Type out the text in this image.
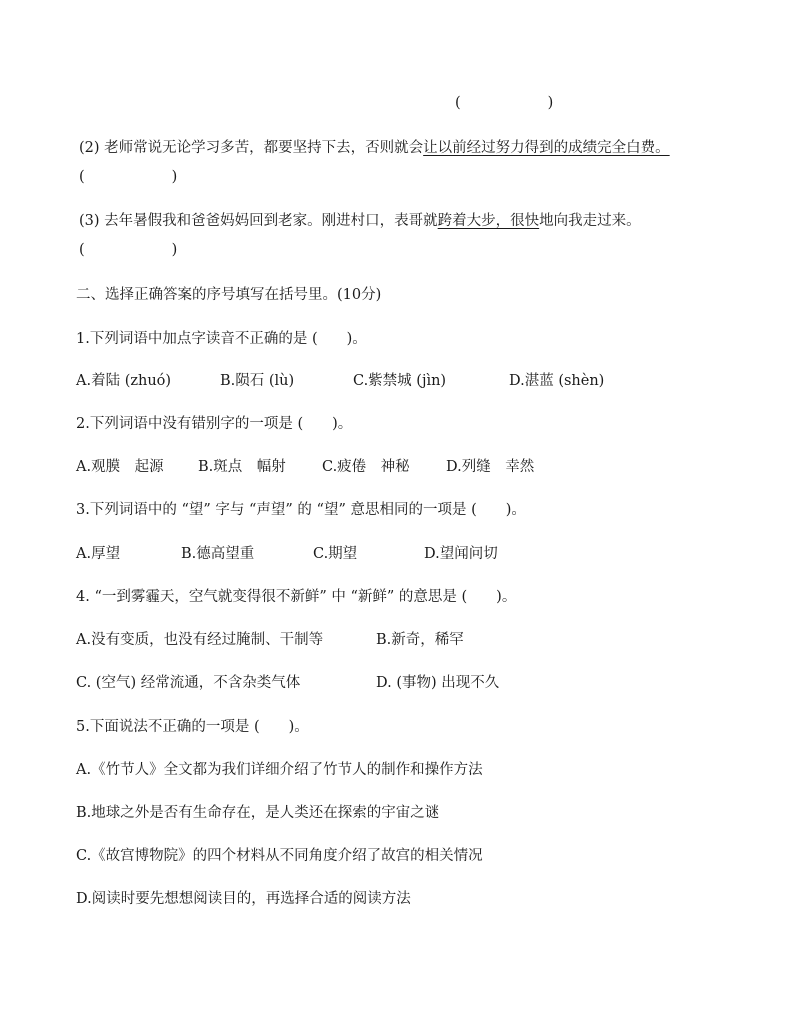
(　　　　　　)
(2) 老师常说无论学习多苦，都要坚持下去，否则就会让以前经过努力得到的成绩完全白费。
(　　　　　　)
(3) 去年暑假我和爸爸妈妈回到老家。刚进村口，表哥就跨着大步，很快地向我走过来。
(　　　　　　)
二、选择正确答案的序号填写在括号里。(10分)
1.下列词语中加点字读音不正确的是 (　　)。
A.着陆 (zhuó)	B.陨石 (lù)	C.紫禁城 (jìn)	D.湛蓝 (shèn)
2.下列词语中没有错别字的一项是 (　　)。
A.观膜　起源 B.斑点　幅射 C.疲倦　神秘	D.列缝　幸然
3.下列词语中的 “望” 字与 “声望” 的 “望” 意思相同的一项是 (　　)。
A.厚望	B.德高望重	C.期望	D.望闻问切
4. “一到雾霾天，空气就变得很不新鲜” 中 “新鲜” 的意思是 (　　)。
A.没有变质，也没有经过腌制、干制等	B.新奇，稀罕
C. (空气) 经常流通，不含杂类气体	D. (事物) 出现不久
5.下面说法不正确的一项是 (　　)。
A.《竹节人》全文都为我们详细介绍了竹节人的制作和操作方法
B.地球之外是否有生命存在，是人类还在探索的宇宙之谜
C.《故宫博物院》的四个材料从不同角度介绍了故宫的相关情况
D.阅读时要先想想阅读目的，再选择合适的阅读方法
